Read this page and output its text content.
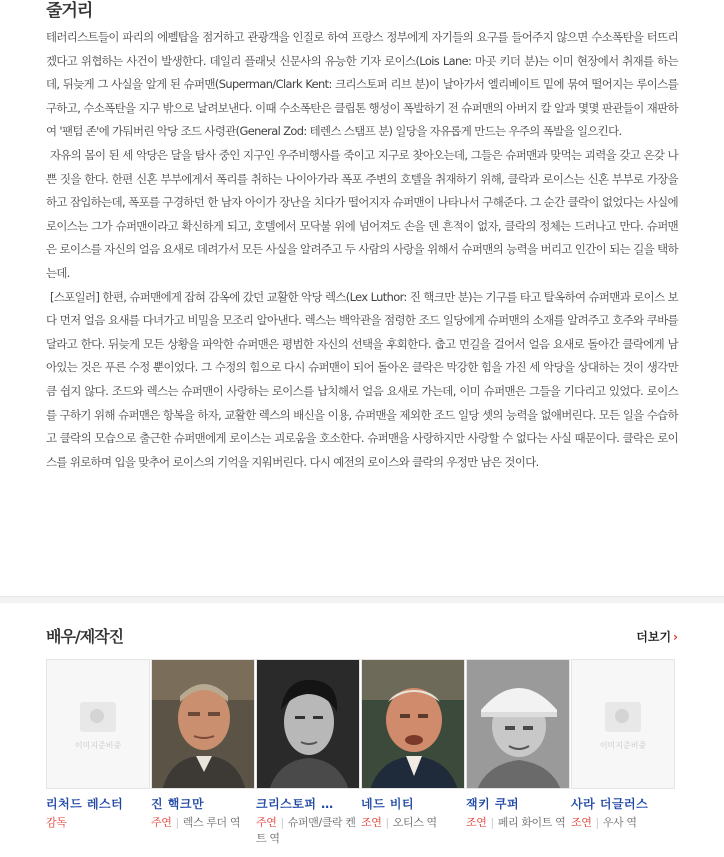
줄거리

테러리스트들이 파리의 에펠탑을 점거하고 관광객을 인질로 하여 프랑스 정부에게 자기들의 요구를 들어주지 않으면 수소폭탄을 터뜨리겠다고 위협하는 사건이 발생한다. 데일리 플래닛 신문사의 유능한 기자 로이스(Lois Lane: 마곳 키더 분)는 이미 현장에서 취재를 하는데, 뒤늦게 그 사실을 알게 된 슈퍼맨(Superman/Clark Kent: 크리스토퍼 리브 분)이 날아가서 엘리베이트 밑에 묶여 떨어지는 루이스를 구하고, 수소폭탄을 지구 밖으로 날려보낸다. 이때 수소폭탄은 클립톤 행성이 폭발하기 전 슈퍼맨의 아버지 칼 알과 몇몇 판관들이 재판하여 '팬텀 존'에 가둬버린 악당 조드 사령관(General Zod: 테렌스 스탬프 분) 일당을 자유롭게 만드는 우주의 폭발을 일으킨다.

자유의 몸이 된 세 악당은 달을 탐사 중인 지구인 우주비행사를 죽이고 지구로 찾아오는데, 그들은 슈퍼맨과 맞먹는 괴력을 갖고 온갖 나쁜 짓을 한다. 한편 신혼 부부에게서 폭리를 취하는 나이아가라 폭포 주변의 호텔을 취재하기 위해, 클락과 로이스는 신혼 부부로 가장을 하고 잠입하는데, 폭포를 구경하던 한 남자 아이가 장난을 치다가 떨어지자 슈퍼맨이 나타나서 구해준다. 그 순간 클락이 없었다는 사실에 로이스는 그가 슈퍼맨이라고 확신하게 되고, 호텔에서 모닥불 위에 넘어져도 손을 덴 흔적이 없자, 클락의 정체는 드러나고 만다. 슈퍼맨은 로이스를 자신의 얼음 요새로 데려가서 모든 사실을 알려주고 두 사람의 사랑을 위해서 슈퍼맨의 능력을 버리고 인간이 되는 길을 택하는데.

[스포일러] 한편, 슈퍼맨에게 잡혀 감옥에 갔던 교활한 악당 렉스(Lex Luthor: 진 핵크만 분)는 기구를 타고 탈옥하여 슈퍼맨과 로이스 보다 먼저 얼음 요새를 다녀가고 비밀을 모조리 알아낸다. 렉스는 백악관을 점령한 조드 일당에게 슈퍼맨의 소재를 알려주고 호주와 쿠바를 달라고 한다. 뒤늦게 모든 상황을 파악한 슈퍼맨은 평범한 자신의 선택을 후회한다. 춥고 먼길을 걸어서 얼음 요새로 돌아간 클락에게 남아있는 것은 푸른 수정 뿐이었다. 그 수정의 힘으로 다시 슈퍼맨이 되어 돌아온 클락은 막강한 힘을 가진 세 악당을 상대하는 것이 생각만큼 쉽지 않다. 조드와 렉스는 슈퍼맨이 사랑하는 로이스를 납치해서 얼음 요새로 가는데, 이미 슈퍼맨은 그들을 기다리고 있었다. 로이스를 구하기 위해 슈퍼맨은 항복을 하자, 교활한 렉스의 배신을 이용, 슈퍼맨을 제외한 조드 일당 셋의 능력을 없애버린다. 모든 일을 수습하고 클락의 모습으로 출근한 슈퍼맨에게 로이스는 괴로움을 호소한다. 슈퍼맨을 사랑하지만 사랑할 수 없다는 사실 때문이다. 클락은 로이스를 위로하며 입을 맞추어 로이스의 기억을 지워버린다. 다시 예전의 로이스와 클락의 우정만 남은 것이다.

배우/제작진	더보기 ›
이미지준비중
리처드 레스터
감독
진 핵크만
주연 | 렉스 루더 역
크리스토퍼 …
주연 | 슈퍼맨/클락 켄트 역
네드 비티
조연 | 오티스 역
잭키 쿠퍼
조연 | 페리 화이트 역
이미지준비중
사라 더글러스
조연 | 우사 역
